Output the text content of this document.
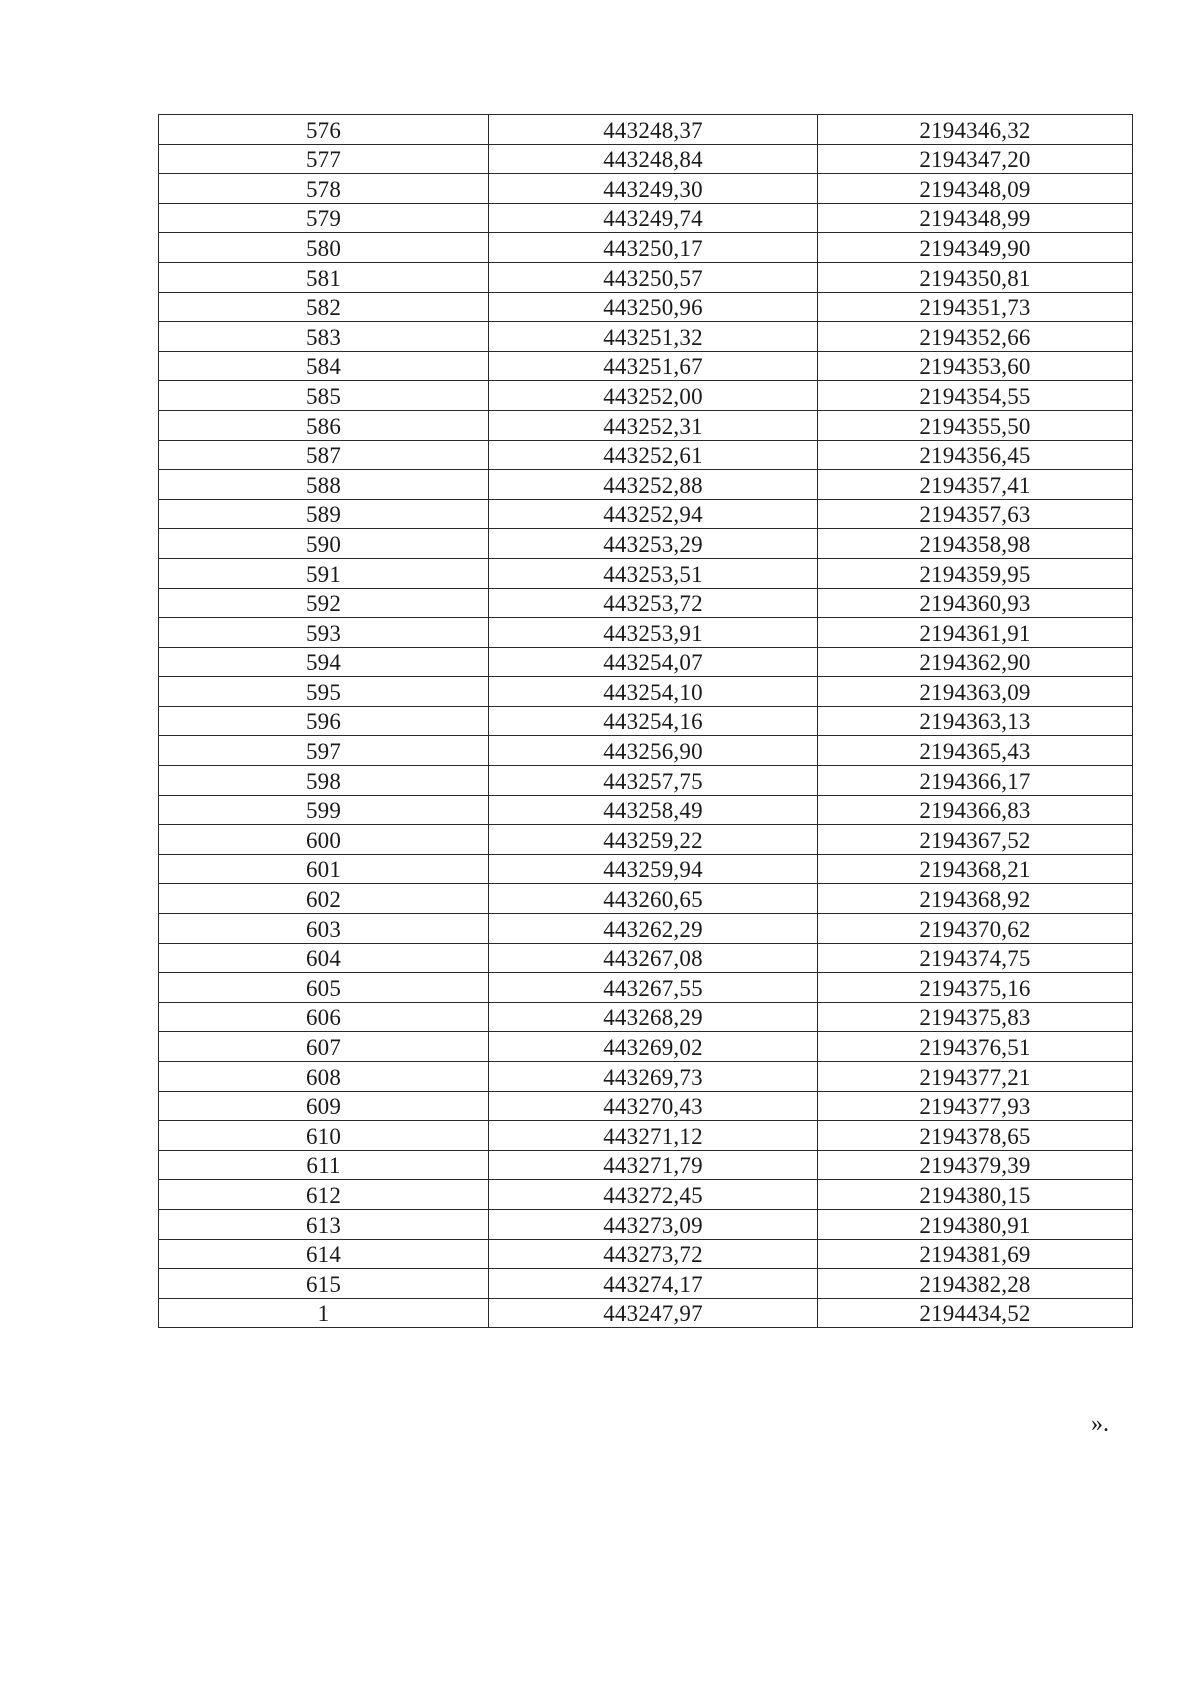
576	443248,37	2194346,32
577	443248,84	2194347,20
578	443249,30	2194348,09
579	443249,74	2194348,99
580	443250,17	2194349,90
581	443250,57	2194350,81
582	443250,96	2194351,73
583	443251,32	2194352,66
584	443251,67	2194353,60
585	443252,00	2194354,55
586	443252,31	2194355,50
587	443252,61	2194356,45
588	443252,88	2194357,41
589	443252,94	2194357,63
590	443253,29	2194358,98
591	443253,51	2194359,95
592	443253,72	2194360,93
593	443253,91	2194361,91
594	443254,07	2194362,90
595	443254,10	2194363,09
596	443254,16	2194363,13
597	443256,90	2194365,43
598	443257,75	2194366,17
599	443258,49	2194366,83
600	443259,22	2194367,52
601	443259,94	2194368,21
602	443260,65	2194368,92
603	443262,29	2194370,62
604	443267,08	2194374,75
605	443267,55	2194375,16
606	443268,29	2194375,83
607	443269,02	2194376,51
608	443269,73	2194377,21
609	443270,43	2194377,93
610	443271,12	2194378,65
611	443271,79	2194379,39
612	443272,45	2194380,15
613	443273,09	2194380,91
614	443273,72	2194381,69
615	443274,17	2194382,28
1	443247,97	2194434,52
».
